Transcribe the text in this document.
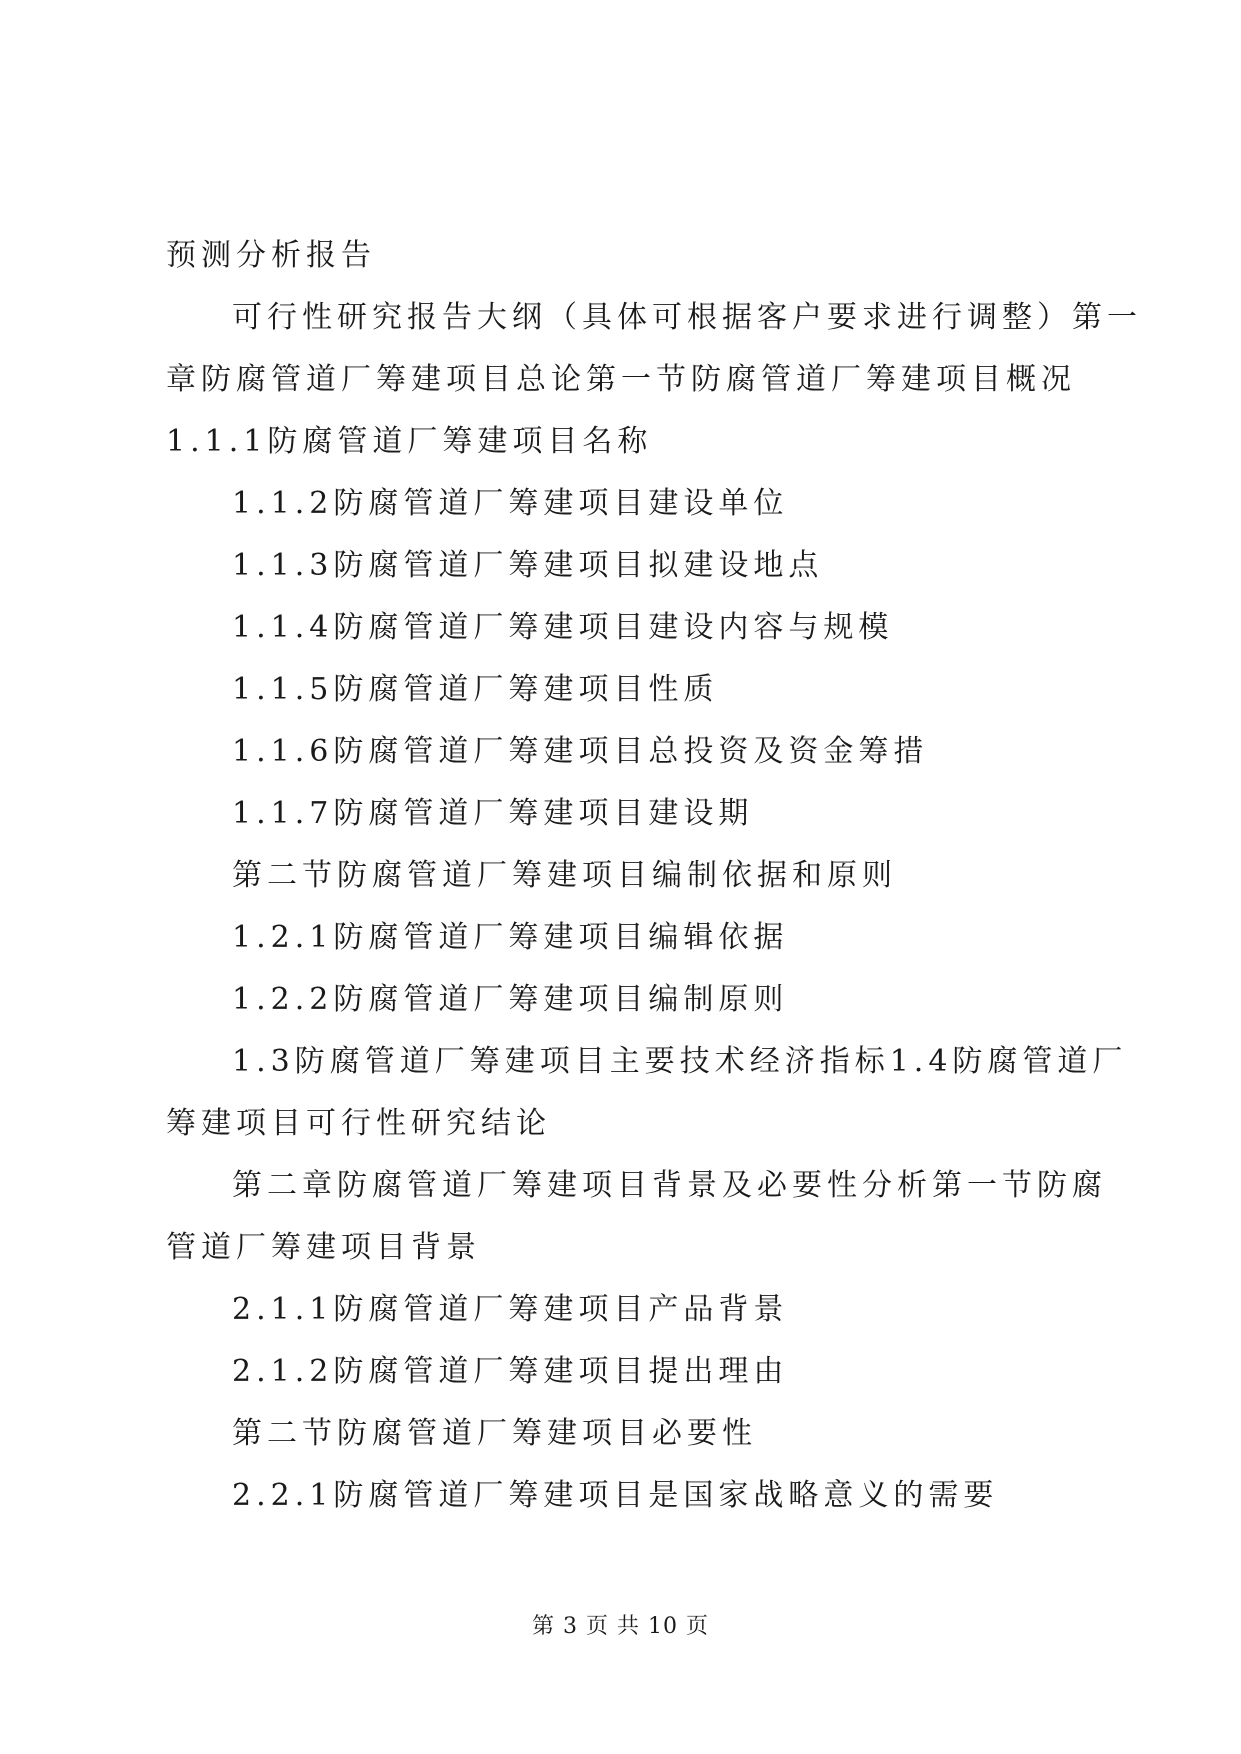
预测分析报告
可行性研究报告大纲（具体可根据客户要求进行调整）第一
章防腐管道厂筹建项目总论第一节防腐管道厂筹建项目概况
1.1.1防腐管道厂筹建项目名称
1.1.2防腐管道厂筹建项目建设单位
1.1.3防腐管道厂筹建项目拟建设地点
1.1.4防腐管道厂筹建项目建设内容与规模
1.1.5防腐管道厂筹建项目性质
1.1.6防腐管道厂筹建项目总投资及资金筹措
1.1.7防腐管道厂筹建项目建设期
第二节防腐管道厂筹建项目编制依据和原则
1.2.1防腐管道厂筹建项目编辑依据
1.2.2防腐管道厂筹建项目编制原则
1.3防腐管道厂筹建项目主要技术经济指标1.4防腐管道厂
筹建项目可行性研究结论
第二章防腐管道厂筹建项目背景及必要性分析第一节防腐
管道厂筹建项目背景
2.1.1防腐管道厂筹建项目产品背景
2.1.2防腐管道厂筹建项目提出理由
第二节防腐管道厂筹建项目必要性
2.2.1防腐管道厂筹建项目是国家战略意义的需要
第 3 页 共 10 页
